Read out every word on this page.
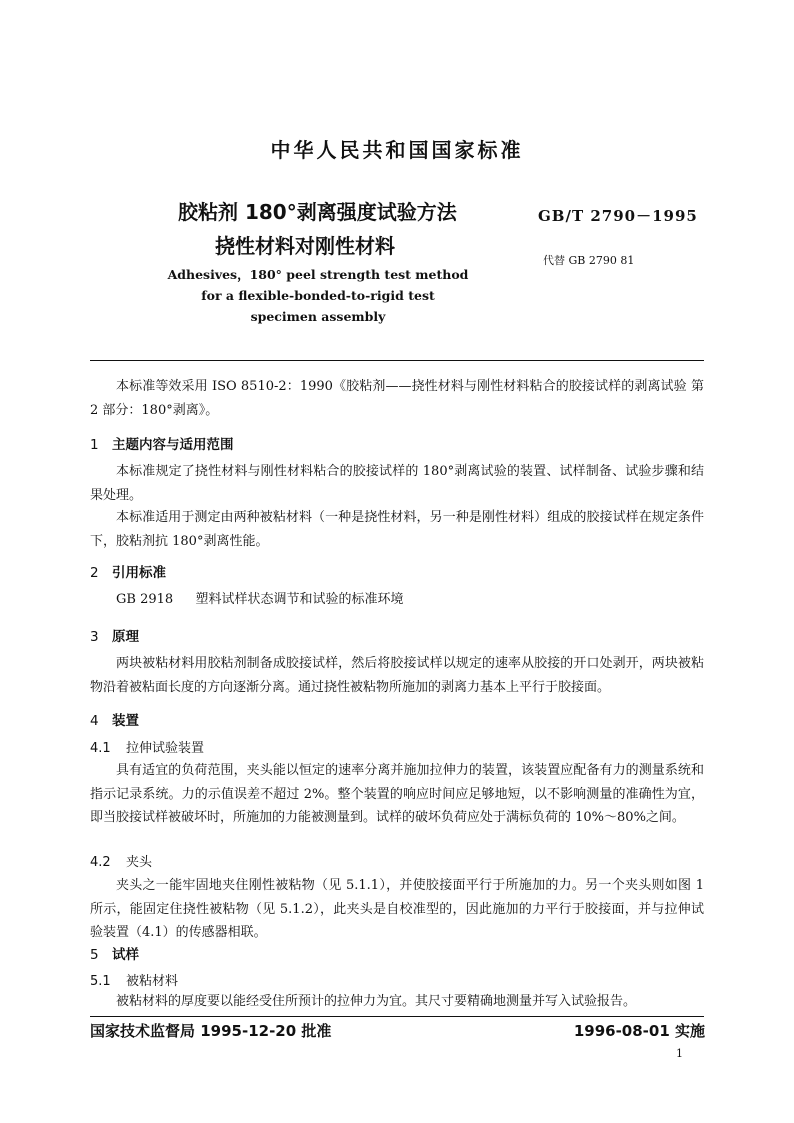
中华人民共和国国家标准
胶粘剂 180°剥离强度试验方法
挠性材料对刚性材料
GB/T 2790－1995
代替 GB 2790 81
Adhesives，180° peel strength test method
for a flexible-bonded-to-rigid test
specimen assembly
本标准等效采用 ISO 8510-2：1990《胶粘剂——挠性材料与刚性材料粘合的胶接试样的剥离试验 第 2 部分：180°剥离》。
1 主题内容与适用范围
本标准规定了挠性材料与刚性材料粘合的胶接试样的 180°剥离试验的装置、试样制备、试验步骤和结果处理。
本标准适用于测定由两种被粘材料（一种是挠性材料，另一种是刚性材料）组成的胶接试样在规定条件下，胶粘剂抗 180°剥离性能。
2 引用标准
GB 2918 塑料试样状态调节和试验的标准环境
3 原理
两块被粘材料用胶粘剂制备成胶接试样，然后将胶接试样以规定的速率从胶接的开口处剥开，两块被粘物沿着被粘面长度的方向逐渐分离。通过挠性被粘物所施加的剥离力基本上平行于胶接面。
4 装置
4.1 拉伸试验装置
具有适宜的负荷范围，夹头能以恒定的速率分离并施加拉伸力的装置，该装置应配备有力的测量系统和指示记录系统。力的示值误差不超过 2%。整个装置的响应时间应足够地短，以不影响测量的准确性为宜，即当胶接试样被破坏时，所施加的力能被测量到。试样的破坏负荷应处于满标负荷的 10%～80%之间。
4.2 夹头
夹头之一能牢固地夹住刚性被粘物（见 5.1.1），并使胶接面平行于所施加的力。另一个夹头则如图 1 所示，能固定住挠性被粘物（见 5.1.2），此夹头是自校准型的，因此施加的力平行于胶接面，并与拉伸试验装置（4.1）的传感器相联。
5 试样
5.1 被粘材料
被粘材料的厚度要以能经受住所预计的拉伸力为宜。其尺寸要精确地测量并写入试验报告。
国家技术监督局 1995-12-20 批准	1996-08-01 实施
1
